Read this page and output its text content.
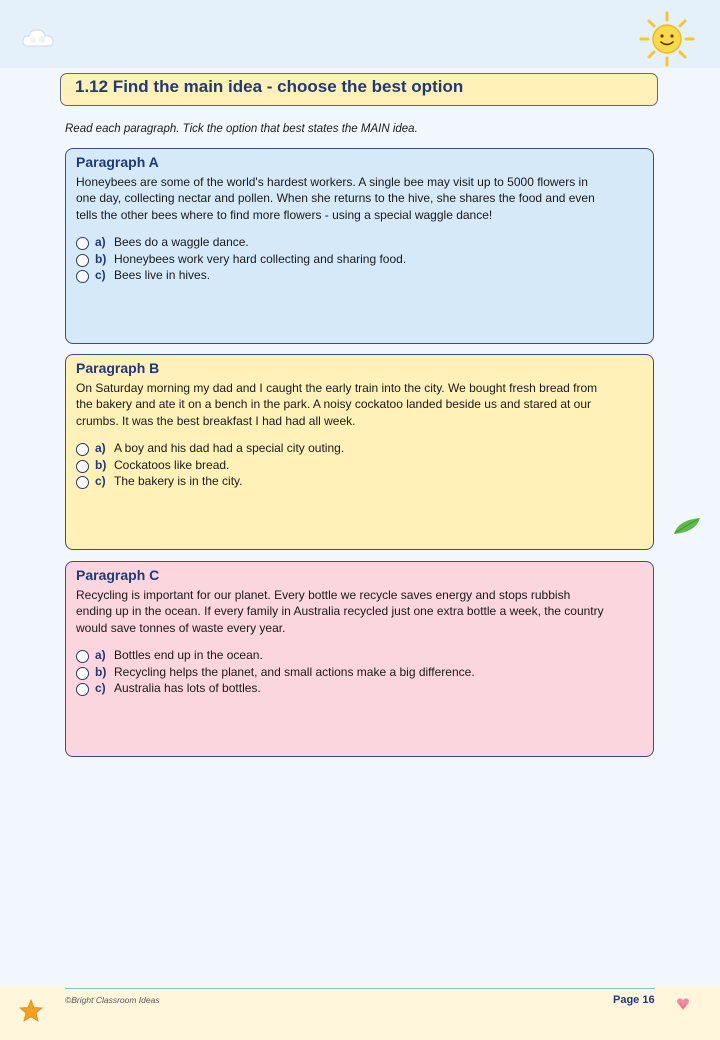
1.12 Find the main idea - choose the best option
Read each paragraph. Tick the option that best states the MAIN idea.
Paragraph A
Honeybees are some of the world's hardest workers. A single bee may visit up to 5000 flowers in
one day, collecting nectar and pollen. When she returns to the hive, she shares the food and even
tells the other bees where to find more flowers - using a special waggle dance!
a) Bees do a waggle dance.
b) Honeybees work very hard collecting and sharing food.
c) Bees live in hives.
Paragraph B
On Saturday morning my dad and I caught the early train into the city. We bought fresh bread from
the bakery and ate it on a bench in the park. A noisy cockatoo landed beside us and stared at our
crumbs. It was the best breakfast I had had all week.
a) A boy and his dad had a special city outing.
b) Cockatoos like bread.
c) The bakery is in the city.
Paragraph C
Recycling is important for our planet. Every bottle we recycle saves energy and stops rubbish
ending up in the ocean. If every family in Australia recycled just one extra bottle a week, the country
would save tonnes of waste every year.
a) Bottles end up in the ocean.
b) Recycling helps the planet, and small actions make a big difference.
c) Australia has lots of bottles.
©Bright Classroom Ideas	Page 16
